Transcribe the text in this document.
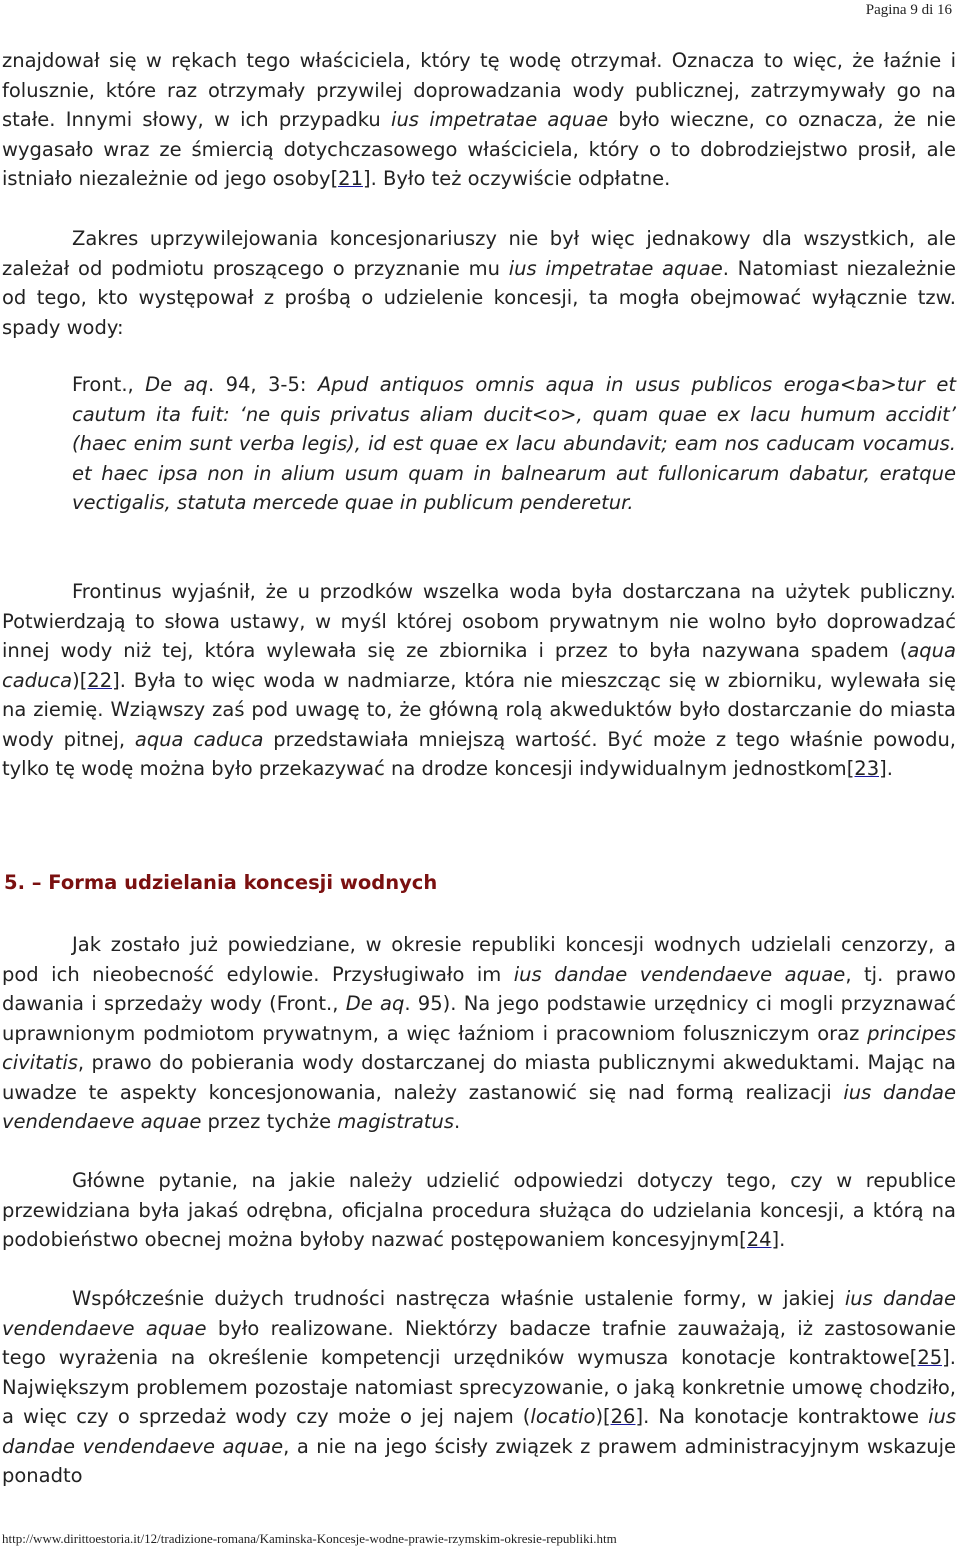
Pagina 9 di 16

znajdował się w rękach tego właściciela, który tę wodę otrzymał. Oznacza to więc, że łaźnie i folusznie, które raz otrzymały przywilej doprowadzania wody publicznej, zatrzymywały go na stałe. Innymi słowy, w ich przypadku ius impetratae aquae było wieczne, co oznacza, że nie wygasało wraz ze śmiercią dotychczasowego właściciela, który o to dobrodziejstwo prosił, ale istniało niezależnie od jego osoby[21]. Było też oczywiście odpłatne.

Zakres uprzywilejowania koncesjonariuszy nie był więc jednakowy dla wszystkich, ale zależał od podmiotu proszącego o przyznanie mu ius impetratae aquae. Natomiast niezależnie od tego, kto występował z prośbą o udzielenie koncesji, ta mogła obejmować wyłącznie tzw. spady wody:

Front., De aq. 94, 3-5: Apud antiquos omnis aqua in usus publicos eroga<ba>tur et cautum ita fuit: ‘ne quis privatus aliam ducit<o>, quam quae ex lacu humum accidit’ (haec enim sunt verba legis), id est quae ex lacu abundavit; eam nos caducam vocamus. et haec ipsa non in alium usum quam in balnearum aut fullonicarum dabatur, eratque vectigalis, statuta mercede quae in publicum penderetur.

Frontinus wyjaśnił, że u przodków wszelka woda była dostarczana na użytek publiczny. Potwierdzają to słowa ustawy, w myśl której osobom prywatnym nie wolno było doprowadzać innej wody niż tej, która wylewała się ze zbiornika i przez to była nazywana spadem (aqua caduca)[22]. Była to więc woda w nadmiarze, która nie mieszcząc się w zbiorniku, wylewała się na ziemię. Wziąwszy zaś pod uwagę to, że główną rolą akweduktów było dostarczanie do miasta wody pitnej, aqua caduca przedstawiała mniejszą wartość. Być może z tego właśnie powodu, tylko tę wodę można było przekazywać na drodze koncesji indywidualnym jednostkom[23].

5. – Forma udzielania koncesji wodnych

Jak zostało już powiedziane, w okresie republiki koncesji wodnych udzielali cenzorzy, a pod ich nieobecność edylowie. Przysługiwało im ius dandae vendendaeve aquae, tj. prawo dawania i sprzedaży wody (Front., De aq. 95). Na jego podstawie urzędnicy ci mogli przyznawać uprawnionym podmiotom prywatnym, a więc łaźniom i pracowniom foluszniczym oraz principes civitatis, prawo do pobierania wody dostarczanej do miasta publicznymi akweduktami. Mając na uwadze te aspekty koncesjonowania, należy zastanowić się nad formą realizacji ius dandae vendendaeve aquae przez tychże magistratus.

Główne pytanie, na jakie należy udzielić odpowiedzi dotyczy tego, czy w republice przewidziana była jakaś odrębna, oficjalna procedura służąca do udzielania koncesji, a którą na podobieństwo obecnej można byłoby nazwać postępowaniem koncesyjnym[24].

Współcześnie dużych trudności nastręcza właśnie ustalenie formy, w jakiej ius dandae vendendaeve aquae było realizowane. Niektórzy badacze trafnie zauważają, iż zastosowanie tego wyrażenia na określenie kompetencji urzędników wymusza konotacje kontraktowe[25]. Największym problemem pozostaje natomiast sprecyzowanie, o jaką konkretnie umowę chodziło, a więc czy o sprzedaż wody czy może o jej najem (locatio)[26]. Na konotacje kontraktowe ius dandae vendendaeve aquae, a nie na jego ścisły związek z prawem administracyjnym wskazuje ponadto

http://www.dirittoestoria.it/12/tradizione-romana/Kaminska-Koncesje-wodne-prawie-rzymskim-okresie-republiki.htm
